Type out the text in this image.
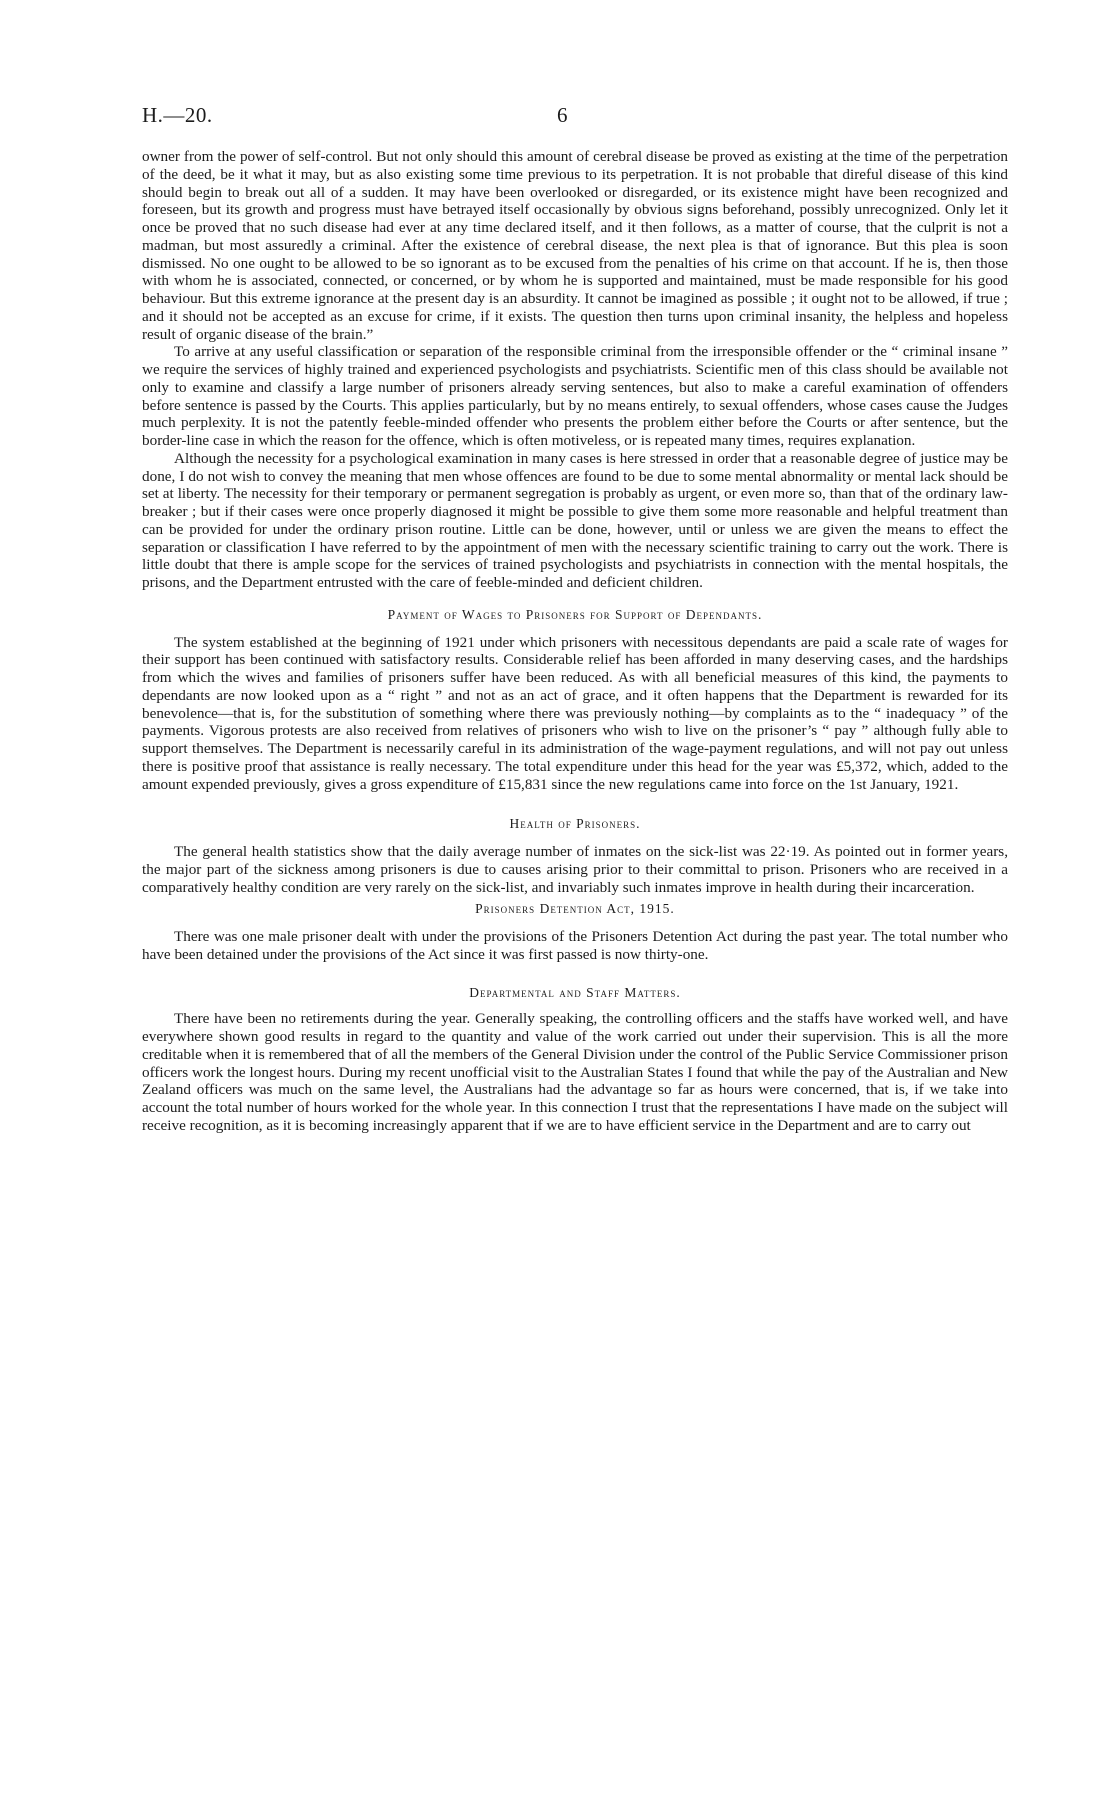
H.—20.	6

owner from the power of self-control. But not only should this amount of cerebral disease be proved as existing at the time of the perpetration of the deed, be it what it may, but as also existing some time previous to its perpetration. It is not probable that direful disease of this kind should begin to break out all of a sudden. It may have been overlooked or disregarded, or its existence might have been recognized and foreseen, but its growth and progress must have betrayed itself occasionally by obvious signs beforehand, possibly unrecognized. Only let it once be proved that no such disease had ever at any time declared itself, and it then follows, as a matter of course, that the culprit is not a madman, but most assuredly a criminal. After the existence of cerebral disease, the next plea is that of ignorance. But this plea is soon dismissed. No one ought to be allowed to be so ignorant as to be excused from the penalties of his crime on that account. If he is, then those with whom he is associated, connected, or concerned, or by whom he is supported and maintained, must be made responsible for his good behaviour. But this extreme ignorance at the present day is an absurdity. It cannot be imagined as possible ; it ought not to be allowed, if true ; and it should not be accepted as an excuse for crime, if it exists. The question then turns upon criminal insanity, the helpless and hopeless result of organic disease of the brain.”

To arrive at any useful classification or separation of the responsible criminal from the irresponsible offender or the “ criminal insane ” we require the services of highly trained and experienced psychologists and psychiatrists. Scientific men of this class should be available not only to examine and classify a large number of prisoners already serving sentences, but also to make a careful examination of offenders before sentence is passed by the Courts. This applies particularly, but by no means entirely, to sexual offenders, whose cases cause the Judges much perplexity. It is not the patently feeble-minded offender who presents the problem either before the Courts or after sentence, but the border-line case in which the reason for the offence, which is often motiveless, or is repeated many times, requires explanation.

Although the necessity for a psychological examination in many cases is here stressed in order that a reasonable degree of justice may be done, I do not wish to convey the meaning that men whose offences are found to be due to some mental abnormality or mental lack should be set at liberty. The necessity for their temporary or permanent segregation is probably as urgent, or even more so, than that of the ordinary law-breaker ; but if their cases were once properly diagnosed it might be possible to give them some more reasonable and helpful treatment than can be provided for under the ordinary prison routine. Little can be done, however, until or unless we are given the means to effect the separation or classification I have referred to by the appointment of men with the necessary scientific training to carry out the work. There is little doubt that there is ample scope for the services of trained psychologists and psychiatrists in connection with the mental hospitals, the prisons, and the Department entrusted with the care of feeble-minded and deficient children.

Payment of Wages to Prisoners for Support of Dependants.

The system established at the beginning of 1921 under which prisoners with necessitous dependants are paid a scale rate of wages for their support has been continued with satisfactory results. Considerable relief has been afforded in many deserving cases, and the hardships from which the wives and families of prisoners suffer have been reduced. As with all beneficial measures of this kind, the payments to dependants are now looked upon as a “ right ” and not as an act of grace, and it often happens that the Department is rewarded for its benevolence—that is, for the substitution of something where there was previously nothing—by complaints as to the “ inadequacy ” of the payments. Vigorous protests are also received from relatives of prisoners who wish to live on the prisoner’s “ pay ” although fully able to support themselves. The Department is necessarily careful in its administration of the wage-payment regulations, and will not pay out unless there is positive proof that assistance is really necessary. The total expenditure under this head for the year was £5,372, which, added to the amount expended previously, gives a gross expenditure of £15,831 since the new regulations came into force on the 1st January, 1921.

Health of Prisoners.

The general health statistics show that the daily average number of inmates on the sick-list was 22·19. As pointed out in former years, the major part of the sickness among prisoners is due to causes arising prior to their committal to prison. Prisoners who are received in a comparatively healthy condition are very rarely on the sick-list, and invariably such inmates improve in health during their incarceration.

Prisoners Detention Act, 1915.

There was one male prisoner dealt with under the provisions of the Prisoners Detention Act during the past year. The total number who have been detained under the provisions of the Act since it was first passed is now thirty-one.

Departmental and Staff Matters.

There have been no retirements during the year. Generally speaking, the controlling officers and the staffs have worked well, and have everywhere shown good results in regard to the quantity and value of the work carried out under their supervision. This is all the more creditable when it is remembered that of all the members of the General Division under the control of the Public Service Commissioner prison officers work the longest hours. During my recent unofficial visit to the Australian States I found that while the pay of the Australian and New Zealand officers was much on the same level, the Australians had the advantage so far as hours were concerned, that is, if we take into account the total number of hours worked for the whole year. In this connection I trust that the representations I have made on the subject will receive recognition, as it is becoming increasingly apparent that if we are to have efficient service in the Department and are to carry out
